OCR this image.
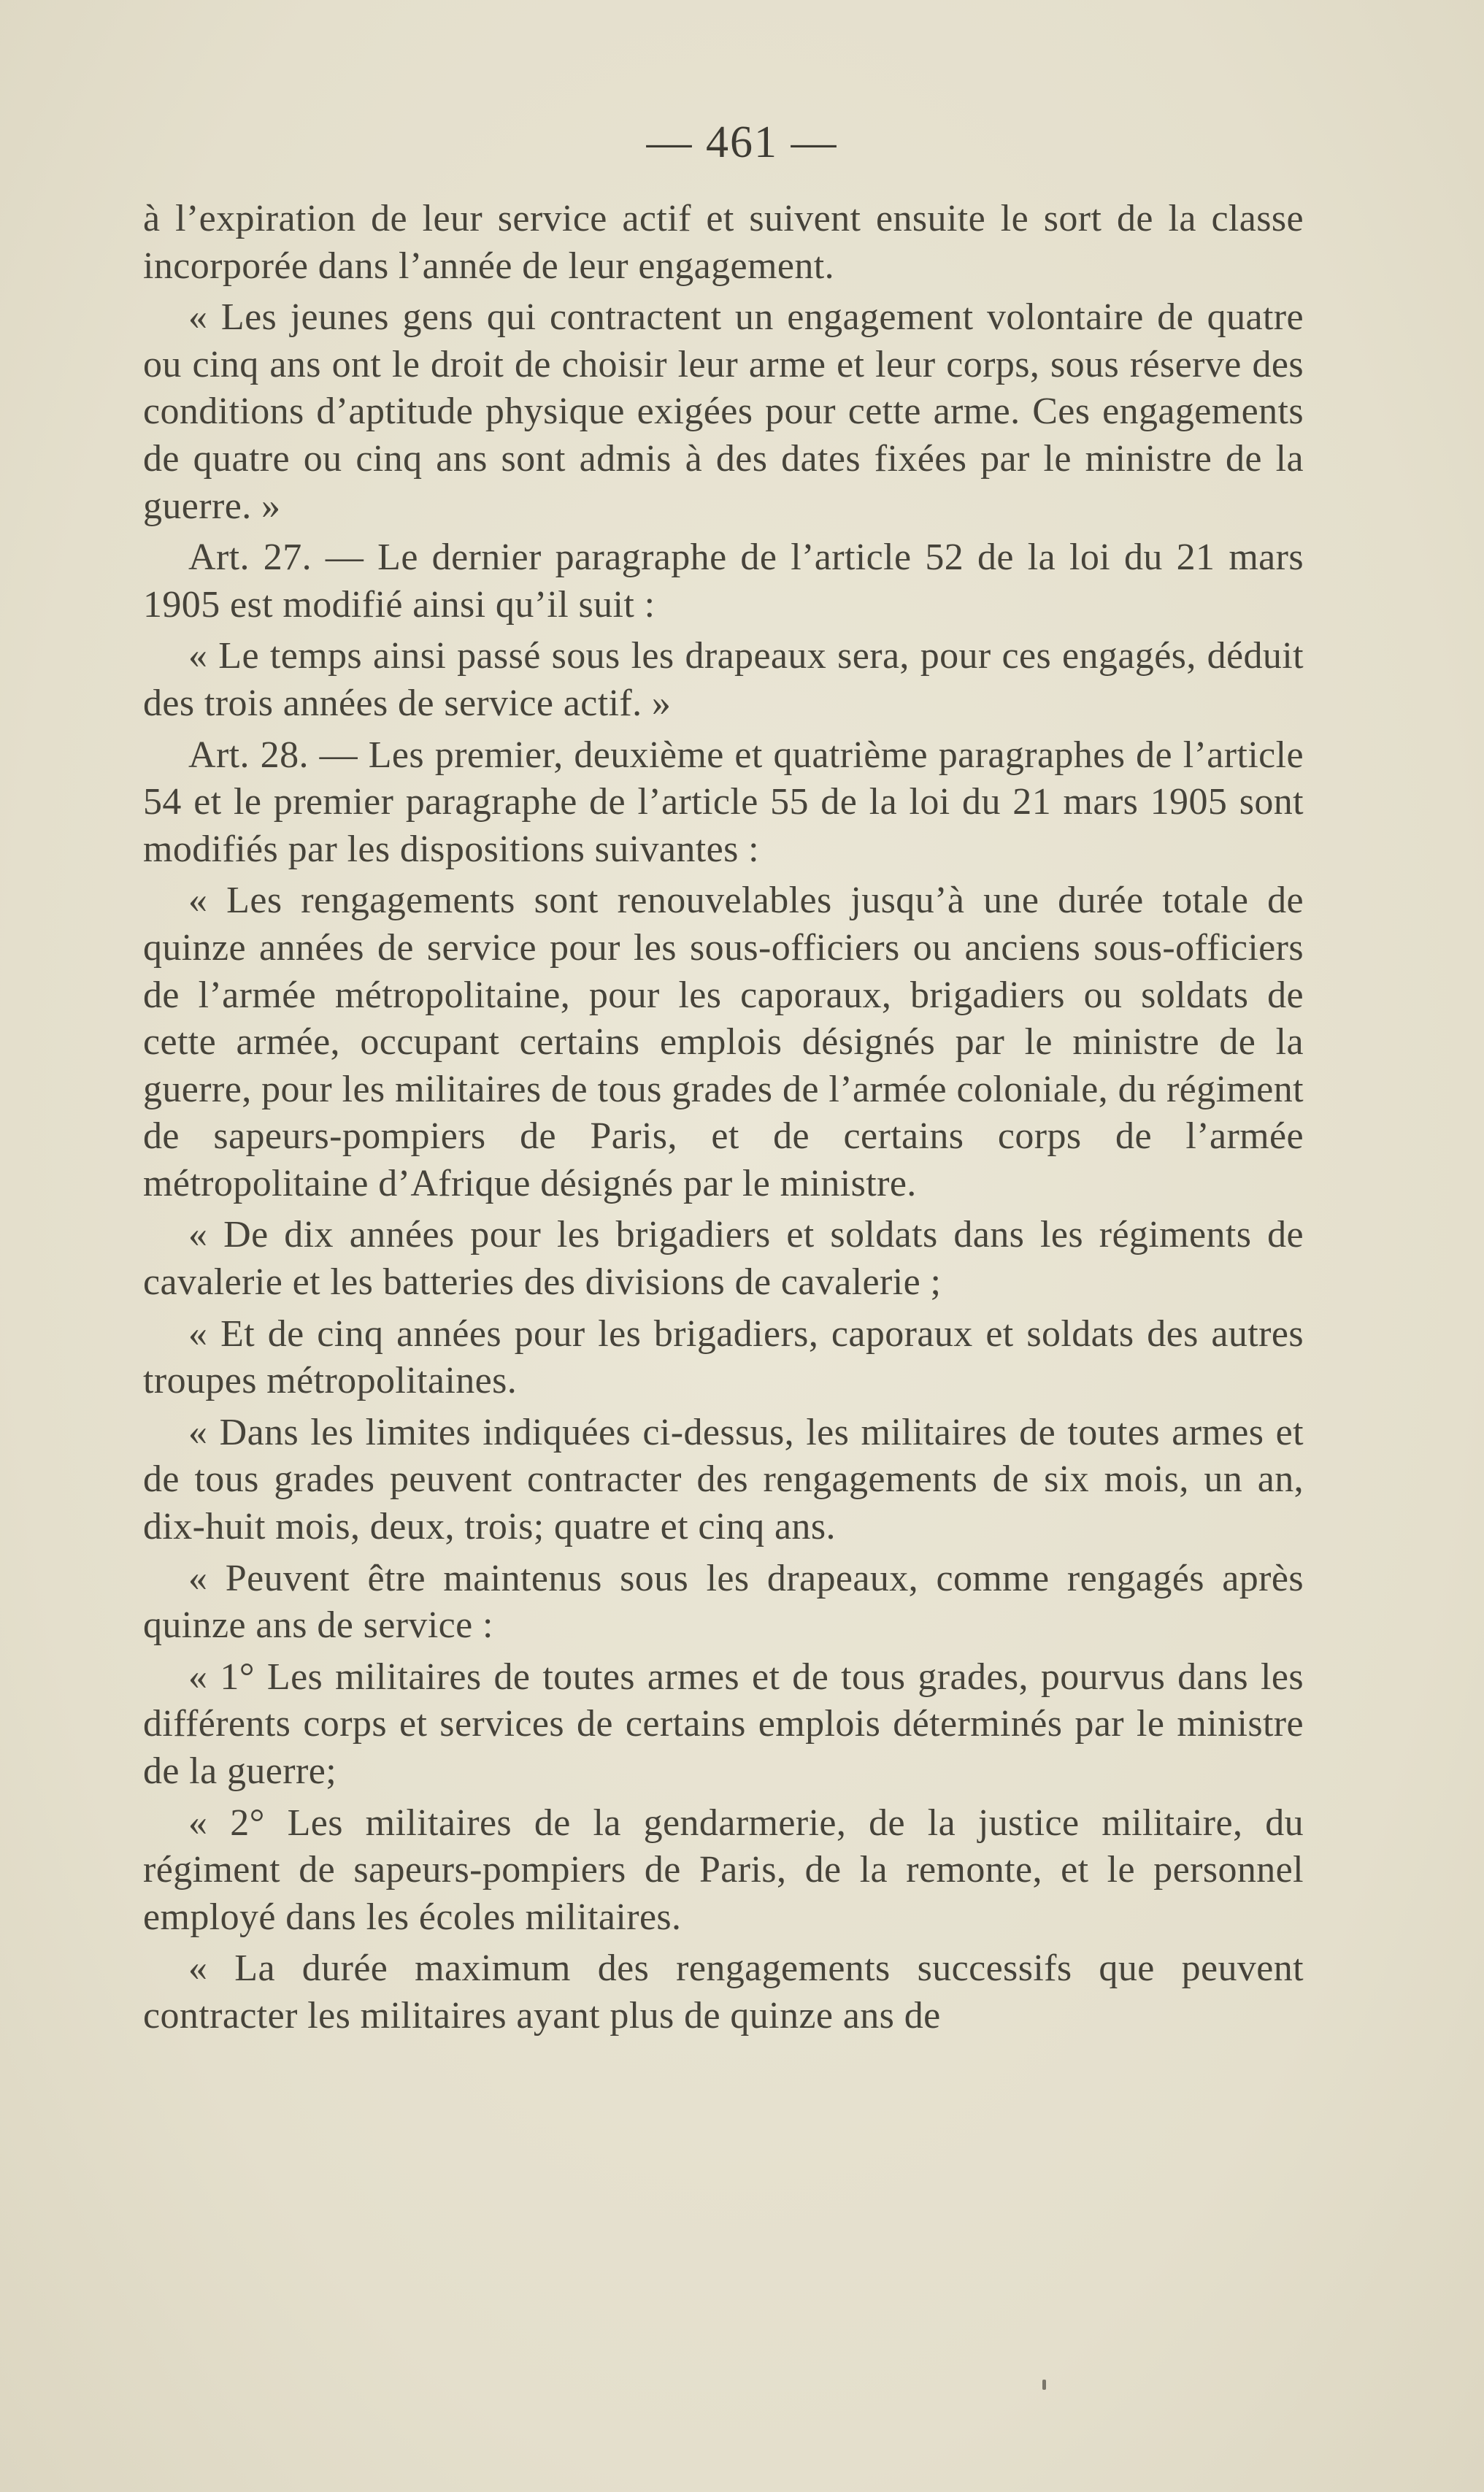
— 461 —

à l’expiration de leur service actif et suivent ensuite le sort de la classe incorporée dans l’année de leur engagement.

« Les jeunes gens qui contractent un engagement volontaire de quatre ou cinq ans ont le droit de choisir leur arme et leur corps, sous réserve des conditions d’aptitude physique exigées pour cette arme. Ces engagements de quatre ou cinq ans sont admis à des dates fixées par le ministre de la guerre. »

Art. 27. — Le dernier paragraphe de l’article 52 de la loi du 21 mars 1905 est modifié ainsi qu’il suit :

« Le temps ainsi passé sous les drapeaux sera, pour ces engagés, déduit des trois années de service actif. »

Art. 28. — Les premier, deuxième et quatrième paragraphes de l’article 54 et le premier paragraphe de l’article 55 de la loi du 21 mars 1905 sont modifiés par les dispositions suivantes :

« Les rengagements sont renouvelables jusqu’à une durée totale de quinze années de service pour les sous-officiers ou anciens sous-officiers de l’armée métropolitaine, pour les caporaux, brigadiers ou soldats de cette armée, occupant certains emplois désignés par le ministre de la guerre, pour les militaires de tous grades de l’armée coloniale, du régiment de sapeurs-pompiers de Paris, et de certains corps de l’armée métropolitaine d’Afrique désignés par le ministre.

« De dix années pour les brigadiers et soldats dans les régiments de cavalerie et les batteries des divisions de cavalerie ;

« Et de cinq années pour les brigadiers, caporaux et soldats des autres troupes métropolitaines.

« Dans les limites indiquées ci-dessus, les militaires de toutes armes et de tous grades peuvent contracter des rengagements de six mois, un an, dix-huit mois, deux, trois; quatre et cinq ans.

« Peuvent être maintenus sous les drapeaux, comme rengagés après quinze ans de service :

« 1° Les militaires de toutes armes et de tous grades, pourvus dans les différents corps et services de certains emplois déterminés par le ministre de la guerre;

« 2° Les militaires de la gendarmerie, de la justice militaire, du régiment de sapeurs-pompiers de Paris, de la remonte, et le personnel employé dans les écoles militaires.

« La durée maximum des rengagements successifs que peuvent contracter les militaires ayant plus de quinze ans de
